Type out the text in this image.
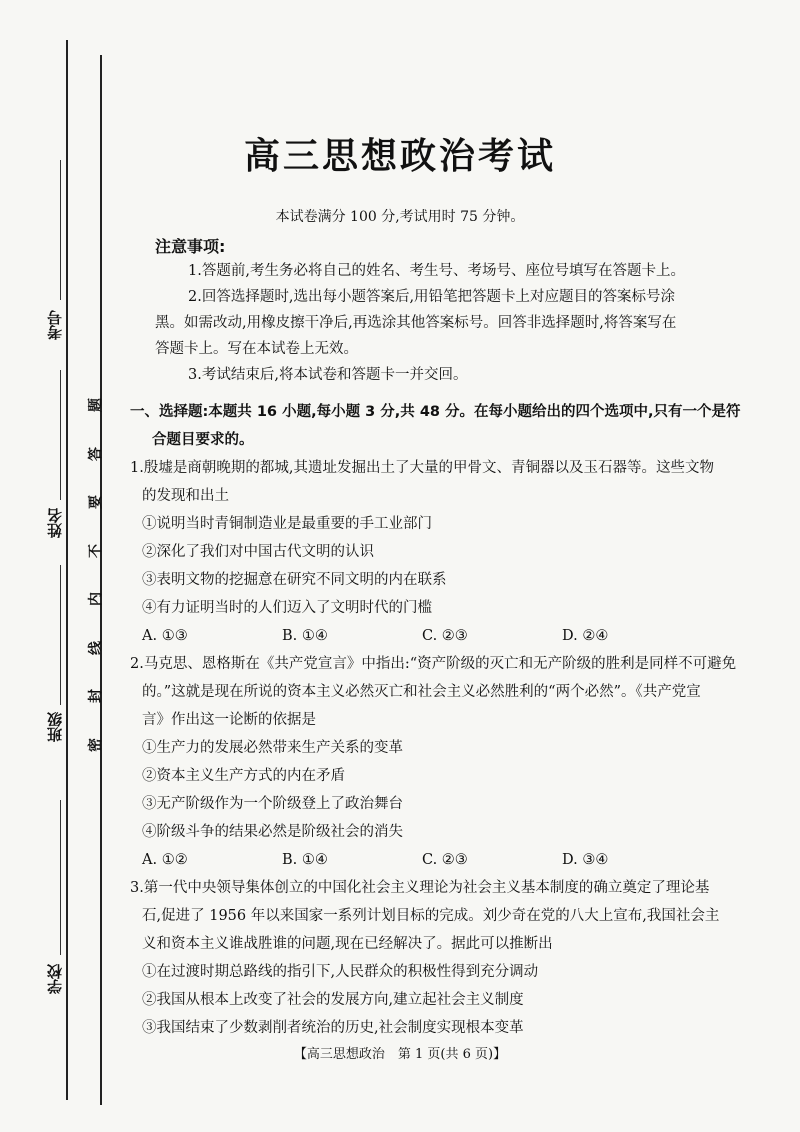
考号
姓名
班级
学校
题
答
要
不
内
线
封
密
高三思想政治考试
本试卷满分 100 分,考试用时 75 分钟。
注意事项:

1.答题前,考生务必将自己的姓名、考生号、考场号、座位号填写在答题卡上。

2.回答选择题时,选出每小题答案后,用铅笔把答题卡上对应题目的答案标号涂

黑。如需改动,用橡皮擦干净后,再选涂其他答案标号。回答非选择题时,将答案写在

答题卡上。写在本试卷上无效。

3.考试结束后,将本试卷和答题卡一并交回。

一、选择题:本题共 16 小题,每小题 3 分,共 48 分。在每小题给出的四个选项中,只有一个是符

合题目要求的。

1.殷墟是商朝晚期的都城,其遗址发掘出土了大量的甲骨文、青铜器以及玉石器等。这些文物

的发现和出土

①说明当时青铜制造业是最重要的手工业部门

②深化了我们对中国古代文明的认识

③表明文物的挖掘意在研究不同文明的内在联系

④有力证明当时的人们迈入了文明时代的门槛

A. ①③	B. ①④	C. ②③	D. ②④

2.马克思、恩格斯在《共产党宣言》中指出:“资产阶级的灭亡和无产阶级的胜利是同样不可避免

的。”这就是现在所说的资本主义必然灭亡和社会主义必然胜利的“两个必然”。《共产党宣

言》作出这一论断的依据是

①生产力的发展必然带来生产关系的变革

②资本主义生产方式的内在矛盾

③无产阶级作为一个阶级登上了政治舞台

④阶级斗争的结果必然是阶级社会的消失

A. ①②	B. ①④	C. ②③	D. ③④

3.第一代中央领导集体创立的中国化社会主义理论为社会主义基本制度的确立奠定了理论基

石,促进了 1956 年以来国家一系列计划目标的完成。刘少奇在党的八大上宣布,我国社会主

义和资本主义谁战胜谁的问题,现在已经解决了。据此可以推断出

①在过渡时期总路线的指引下,人民群众的积极性得到充分调动

②我国从根本上改变了社会的发展方向,建立起社会主义制度

③我国结束了少数剥削者统治的历史,社会制度实现根本变革

【高三思想政治　第 1 页(共 6 页)】
